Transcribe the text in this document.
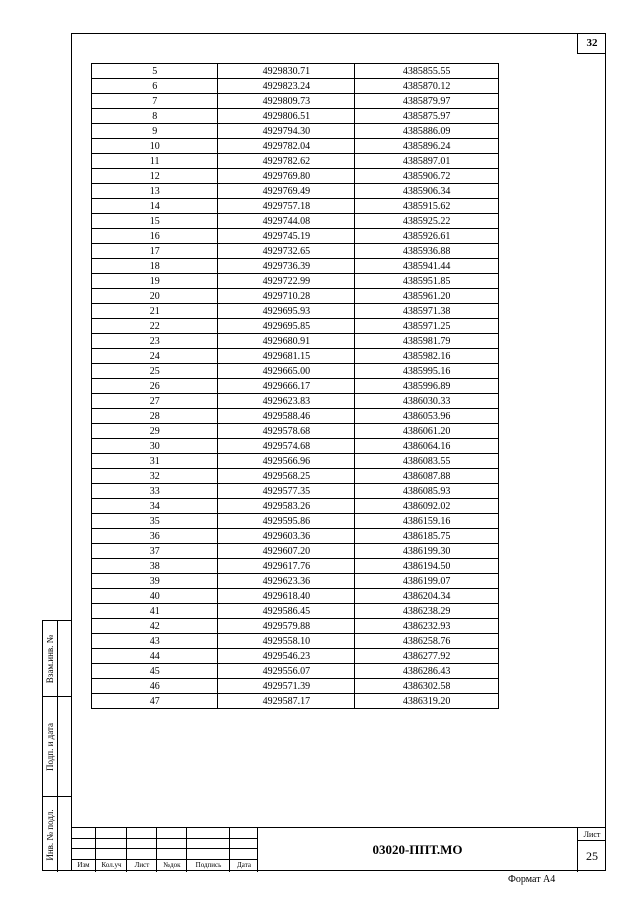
32
5	4929830.71	4385855.55
6	4929823.24	4385870.12
7	4929809.73	4385879.97
8	4929806.51	4385875.97
9	4929794.30	4385886.09
10	4929782.04	4385896.24
11	4929782.62	4385897.01
12	4929769.80	4385906.72
13	4929769.49	4385906.34
14	4929757.18	4385915.62
15	4929744.08	4385925.22
16	4929745.19	4385926.61
17	4929732.65	4385936.88
18	4929736.39	4385941.44
19	4929722.99	4385951.85
20	4929710.28	4385961.20
21	4929695.93	4385971.38
22	4929695.85	4385971.25
23	4929680.91	4385981.79
24	4929681.15	4385982.16
25	4929665.00	4385995.16
26	4929666.17	4385996.89
27	4929623.83	4386030.33
28	4929588.46	4386053.96
29	4929578.68	4386061.20
30	4929574.68	4386064.16
31	4929566.96	4386083.55
32	4929568.25	4386087.88
33	4929577.35	4386085.93
34	4929583.26	4386092.02
35	4929595.86	4386159.16
36	4929603.36	4386185.75
37	4929607.20	4386199.30
38	4929617.76	4386194.50
39	4929623.36	4386199.07
40	4929618.40	4386204.34
41	4929586.45	4386238.29
42	4929579.88	4386232.93
43	4929558.10	4386258.76
44	4929546.23	4386277.92
45	4929556.07	4386286.43
46	4929571.39	4386302.58
47	4929587.17	4386319.20
Взам.инв. №
Подп. и дата
Инв. № подл.
Изм	Кол.уч	Лист	№док	Подпись	Дата
03020-ППТ.МО
Лист
25
Формат А4
